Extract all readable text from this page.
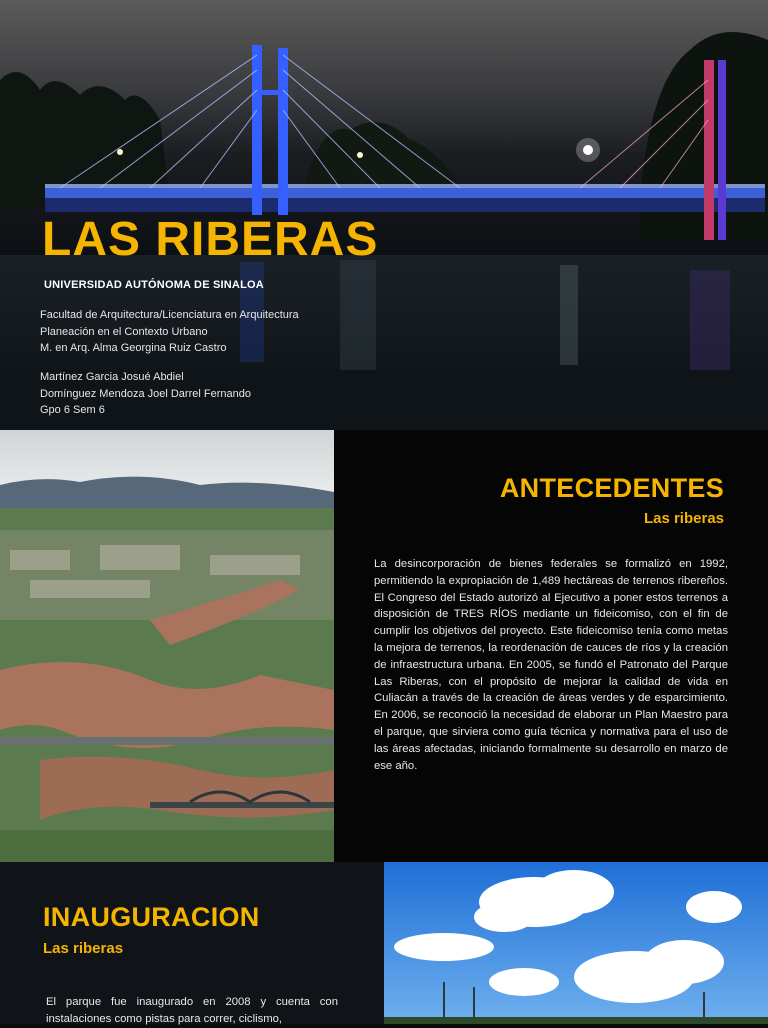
LAS RIBERAS

UNIVERSIDAD AUTÓNOMA DE SINALOA

Facultad de Arquitectura/Licenciatura en Arquitectura
Planeación en el Contexto Urbano
M. en Arq. Alma Georgina Ruiz Castro
Martínez Garcia Josué Abdiel
Domínguez Mendoza Joel Darrel Fernando
Gpo 6 Sem 6
ANTECEDENTES

Las riberas

La desincorporación de bienes federales se formalizó en 1992, permitiendo la expropiación de 1,489 hectáreas de terrenos ribereños. El Congreso del Estado autorizó al Ejecutivo a poner estos terrenos a disposición de TRES RÍOS mediante un fideicomiso, con el fin de cumplir los objetivos del proyecto. Este fideicomiso tenía como metas la mejora de terrenos, la reordenación de cauces de ríos y la creación de infraestructura urbana. En 2005, se fundó el Patronato del Parque Las Riberas, con el propósito de mejorar la calidad de vida en Culiacán a través de la creación de áreas verdes y de esparcimiento. En 2006, se reconoció la necesidad de elaborar un Plan Maestro para el parque, que sirviera como guía técnica y normativa para el uso de las áreas afectadas, iniciando formalmente su desarrollo en marzo de ese año.

INAUGURACION

Las riberas

El parque fue inaugurado en 2008 y cuenta con instalaciones como pistas para correr, ciclismo,
